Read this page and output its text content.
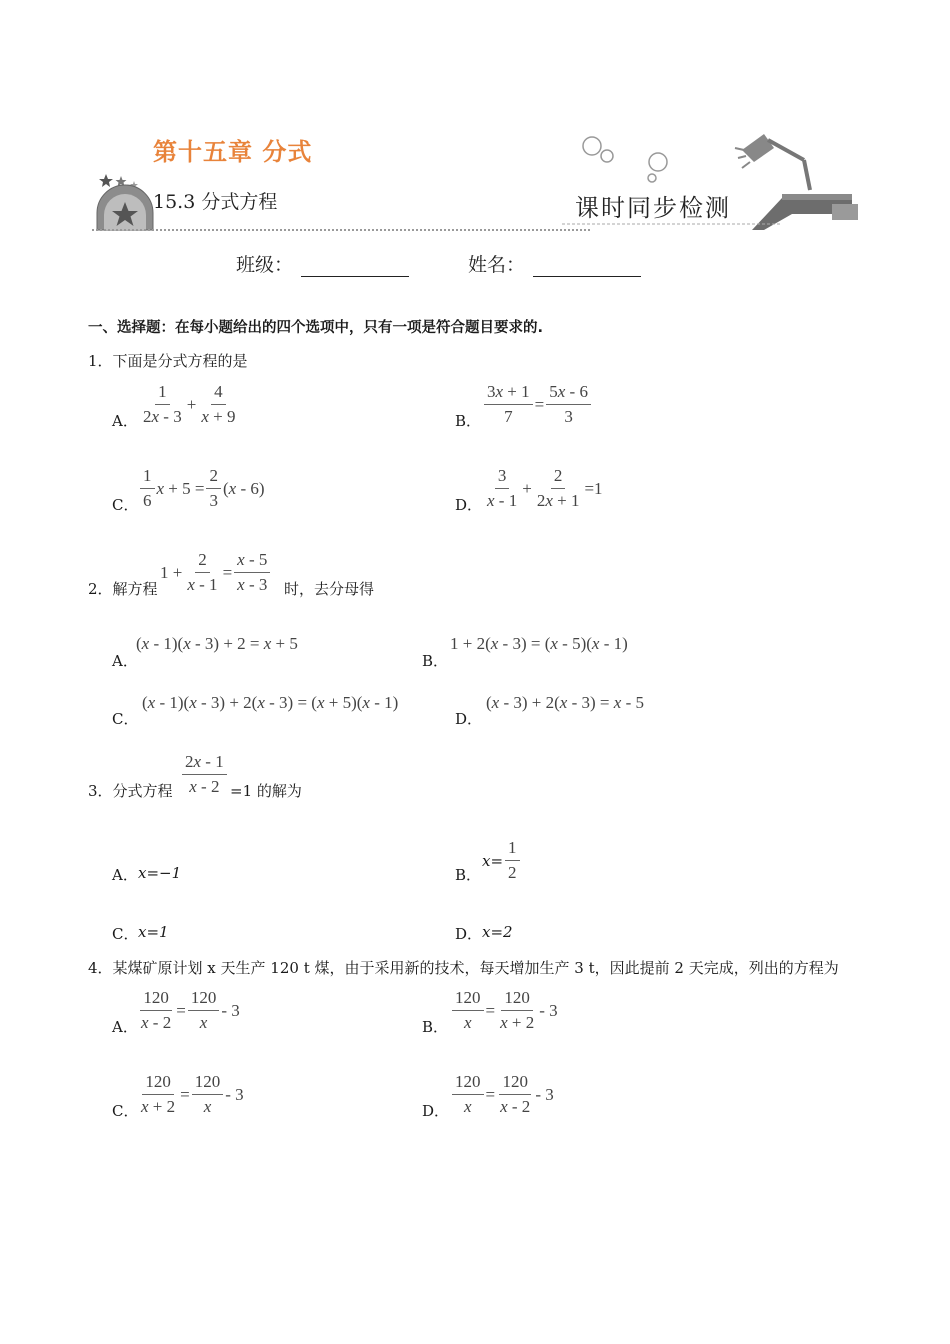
第十五章 分式
15.3 分式方程	课时同步检测
班级：	姓名：
一、选择题：在每小题给出的四个选项中，只有一项是符合题目要求的.
1．下面是分式方程的是
A． $\frac{1}{2x - 3} + \frac{4}{x + 9}$	B． $\frac{3x + 1}{7} = \frac{5x - 6}{3}$
C． $\frac{1}{6}$ $x + 5 = \frac{2}{3} (x - 6)$
D． $\frac{3}{x - 1} + \frac{2}{2x + 1} =1$
2．解方程
$1 + \frac{2}{x - 1} = \frac{x - 5}{x - 3}$ 时，去分母得
A．
(x - 1)(x - 3) + 2 = x + 5
B．
1 + 2(x - 3) = (x - 5)(x - 1)
C．
(x - 1)(x - 3) + 2(x - 3) = (x + 5)(x - 1)
D．
(x - 3) + 2(x - 3) = x - 5
3．分式方程 $\frac{2x - 1}{x - 2} =1$ 的解为
A． x=−1	B．
$x= \frac{1}{2}$
C． x=1	D． x=2
4．某煤矿原计划 x 天生产 120 t 煤，由于采用新的技术，每天增加生产 3 t，因此提前 2 天完成，列出的方程为
A． $\frac{120}{x - 2} = \frac{120}{x} - 3$
B． $\frac{120}{x} = \frac{120}{x + 2} - 3$
C． $\frac{120}{x + 2} = \frac{120}{x} - 3$
D． $\frac{120}{x} = \frac{120}{x - 2} - 3$
